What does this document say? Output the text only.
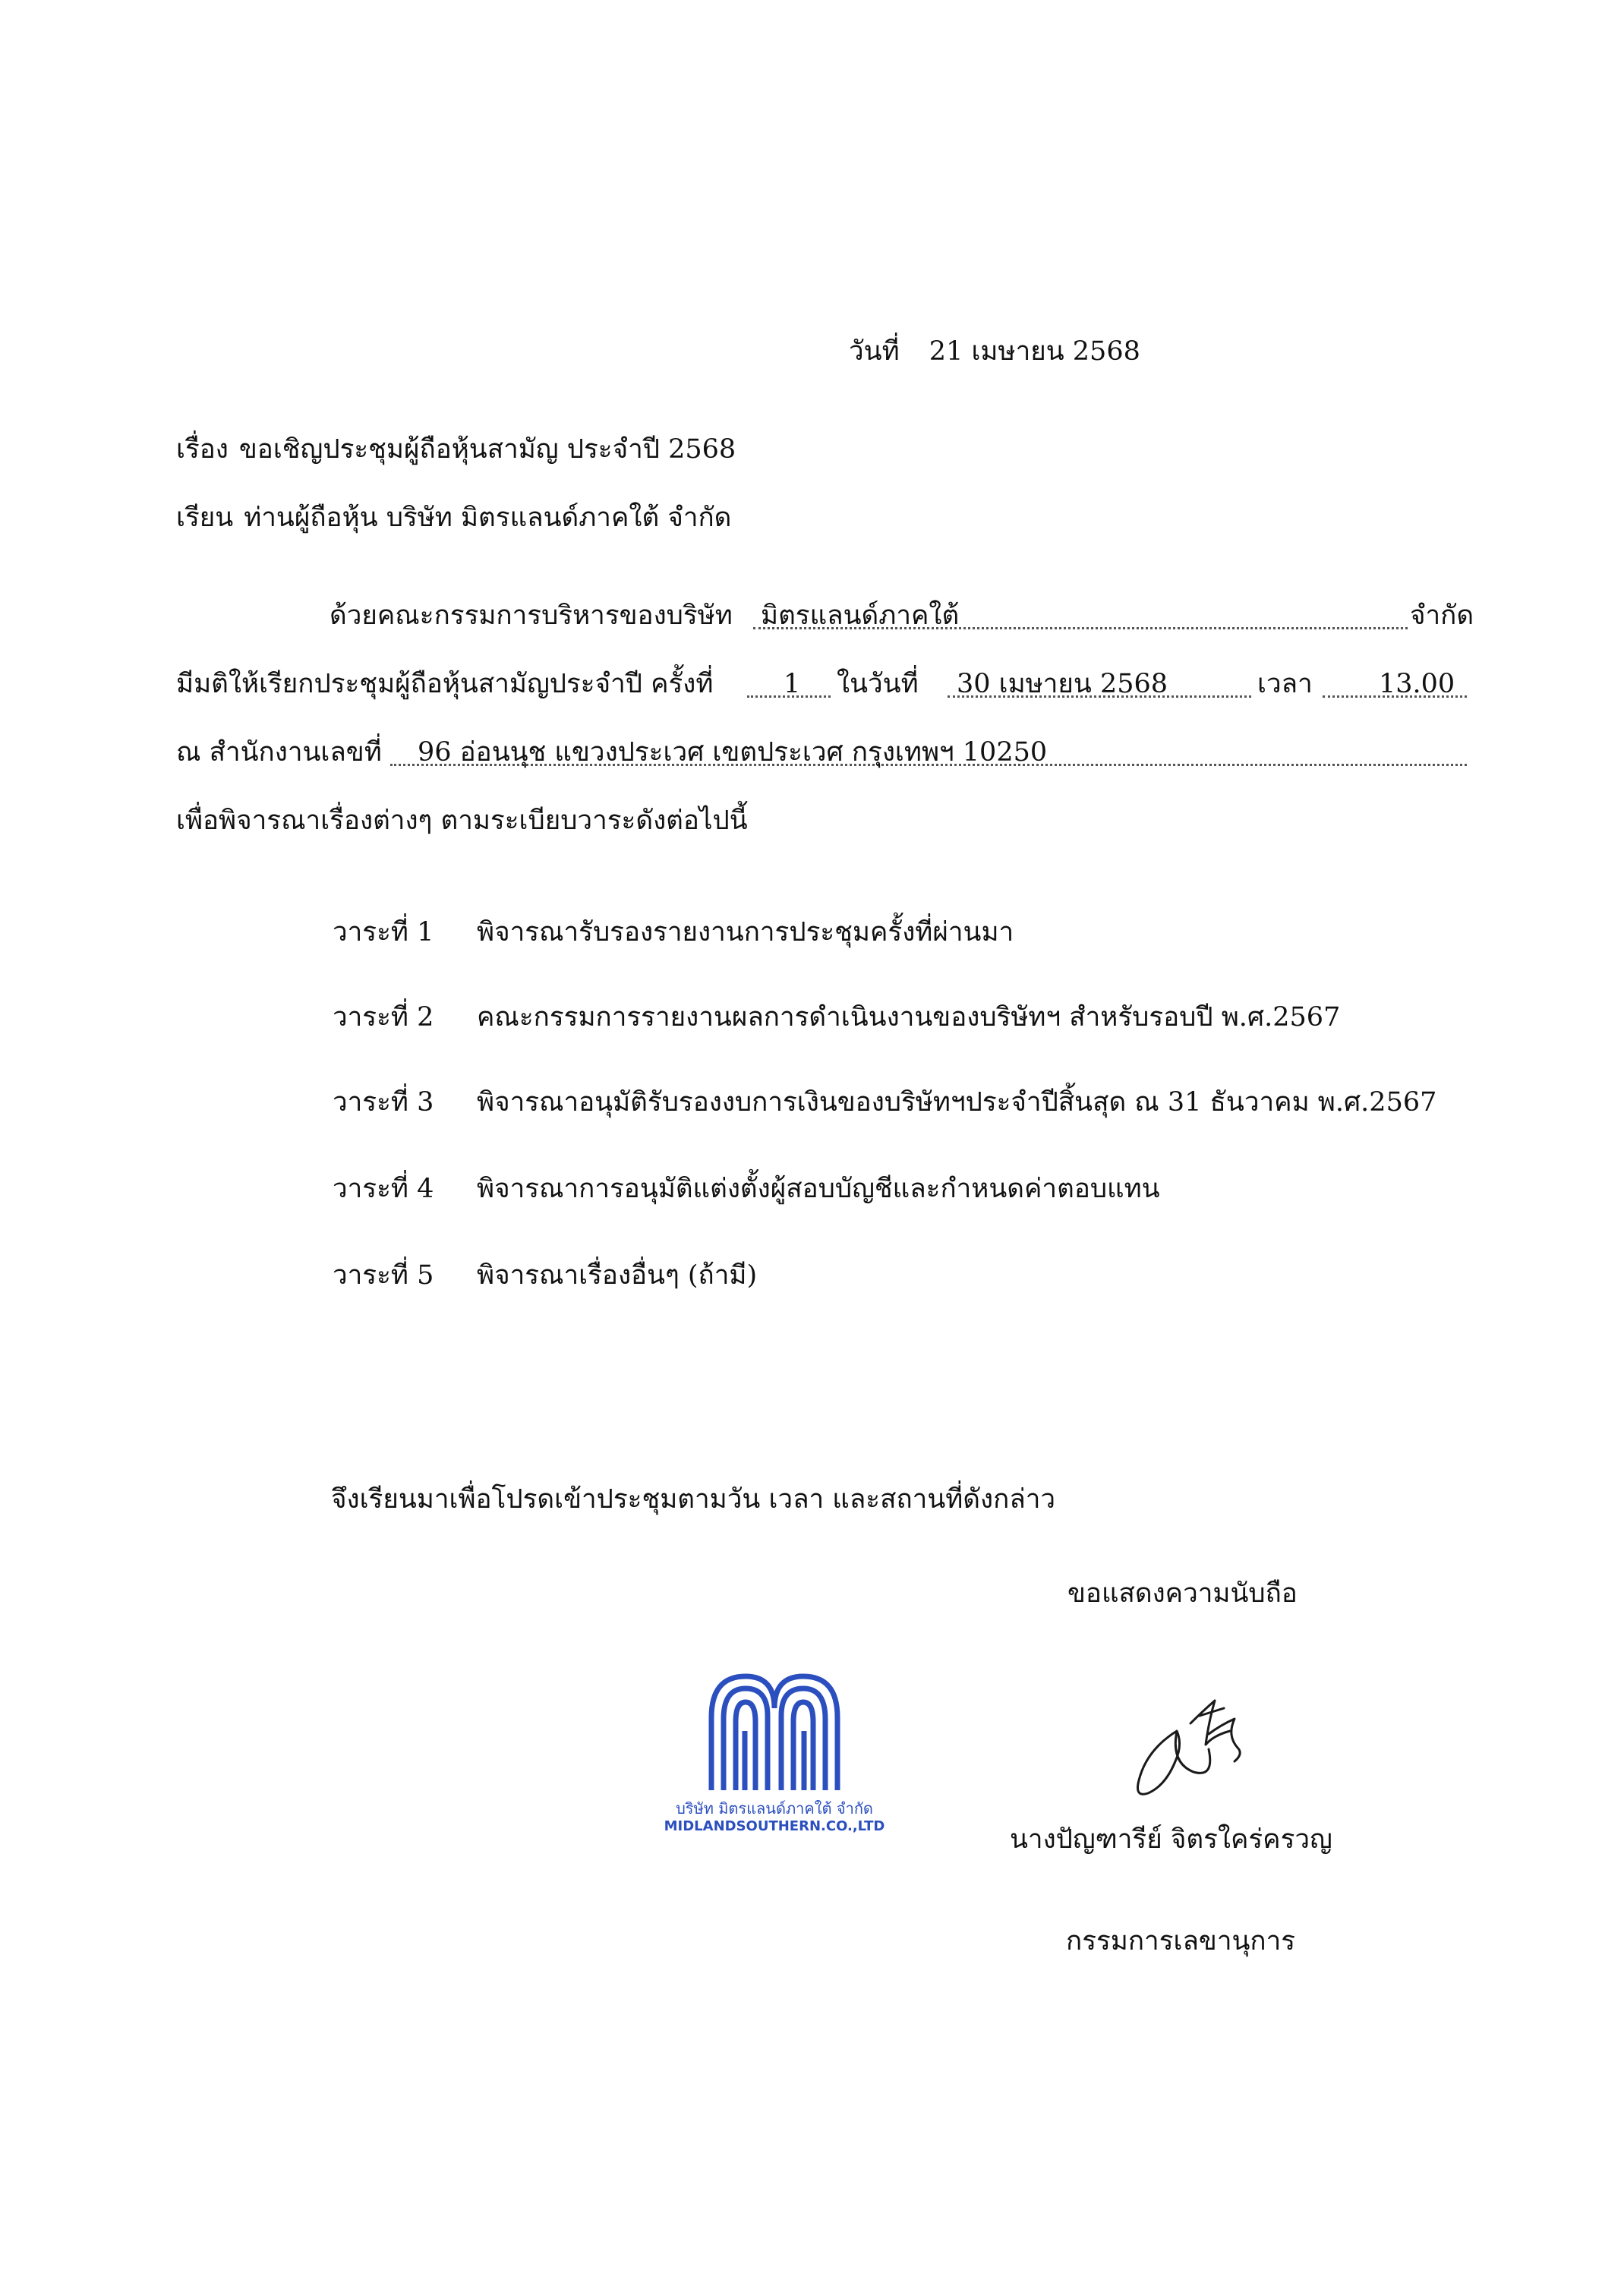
วันที่ 21 เมษายน 2568
เรื่อง ขอเชิญประชุมผู้ถือหุ้นสามัญ ประจำปี 2568
เรียน ท่านผู้ถือหุ้น บริษัท มิตรแลนด์ภาคใต้ จำกัด
ด้วยคณะกรรมการบริหารของบริษัท มิตรแลนด์ภาคใต้	จำกัด
มีมติให้เรียกประชุมผู้ถือหุ้นสามัญประจำปี ครั้งที่	1 ในวันที่ 30 เมษายน 2568	เวลา 13.00
ณ สำนักงานเลขที่ 96 อ่อนนุช แขวงประเวศ เขตประเวศ กรุงเทพฯ 10250
เพื่อพิจารณาเรื่องต่างๆ ตามระเบียบวาระดังต่อไปนี้
วาระที่ 1 พิจารณารับรองรายงานการประชุมครั้งที่ผ่านมา
วาระที่ 2 คณะกรรมการรายงานผลการดำเนินงานของบริษัทฯ สำหรับรอบปี พ.ศ.2567
วาระที่ 3 พิจารณาอนุมัติรับรองงบการเงินของบริษัทฯประจำปีสิ้นสุด ณ 31 ธันวาคม พ.ศ.2567
วาระที่ 4 พิจารณาการอนุมัติแต่งตั้งผู้สอบบัญชีและกำหนดค่าตอบแทน
วาระที่ 5 พิจารณาเรื่องอื่นๆ (ถ้ามี)
จึงเรียนมาเพื่อโปรดเข้าประชุมตามวัน เวลา และสถานที่ดังกล่าว
ขอแสดงความนับถือ
บริษัท มิตรแลนด์ภาคใต้ จำกัด
MIDLANDSOUTHERN.CO.,LTD	นางปัญฑารีย์ จิตรใคร่ครวญ
กรรมการเลขานุการ
